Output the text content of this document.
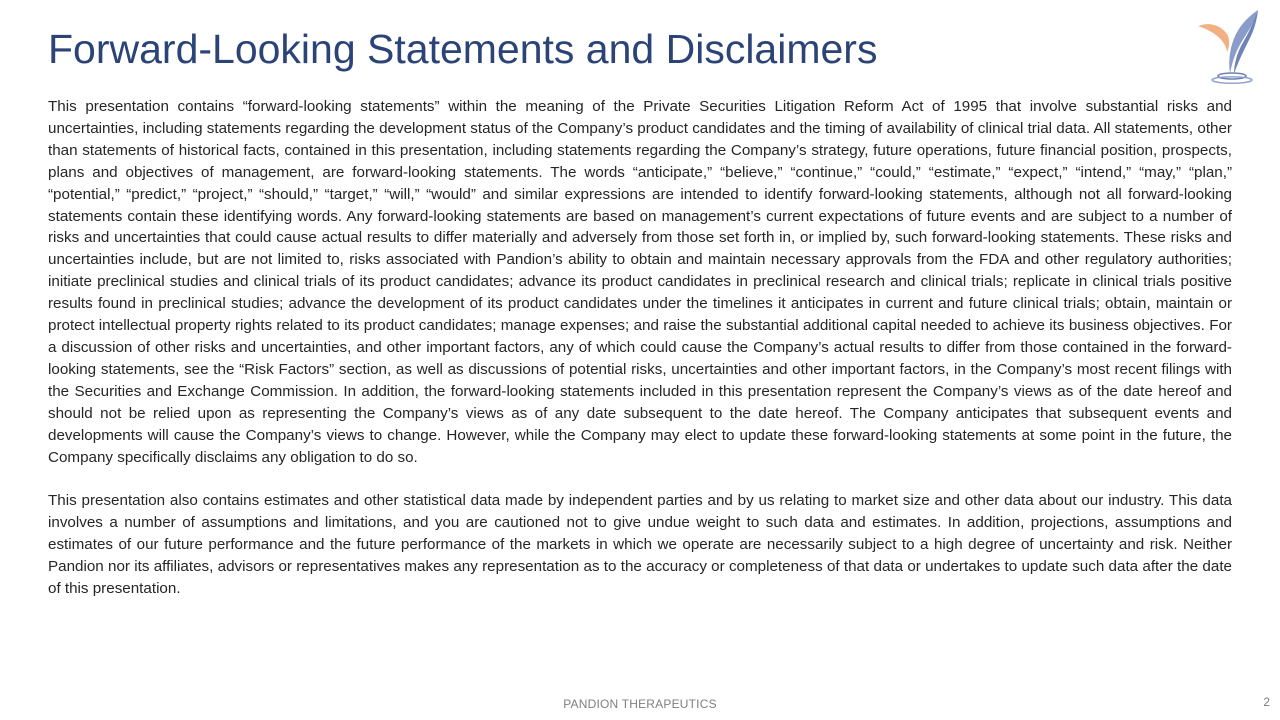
Forward-Looking Statements and Disclaimers

This presentation contains “forward-looking statements” within the meaning of the Private Securities Litigation Reform Act of 1995 that involve substantial risks and uncertainties, including statements regarding the development status of the Company’s product candidates and the timing of availability of clinical trial data. All statements, other than statements of historical facts, contained in this presentation, including statements regarding the Company’s strategy, future operations, future financial position, prospects, plans and objectives of management, are forward-looking statements. The words “anticipate,” “believe,” “continue,” “could,” “estimate,” “expect,” “intend,” “may,” “plan,” “potential,” “predict,” “project,” “should,” “target,” “will,” “would” and similar expressions are intended to identify forward-looking statements, although not all forward-looking statements contain these identifying words. Any forward-looking statements are based on management’s current expectations of future events and are subject to a number of risks and uncertainties that could cause actual results to differ materially and adversely from those set forth in, or implied by, such forward-looking statements. These risks and uncertainties include, but are not limited to, risks associated with Pandion’s ability to obtain and maintain necessary approvals from the FDA and other regulatory authorities; initiate preclinical studies and clinical trials of its product candidates; advance its product candidates in preclinical research and clinical trials; replicate in clinical trials positive results found in preclinical studies; advance the development of its product candidates under the timelines it anticipates in current and future clinical trials; obtain, maintain or protect intellectual property rights related to its product candidates; manage expenses; and raise the substantial additional capital needed to achieve its business objectives. For a discussion of other risks and uncertainties, and other important factors, any of which could cause the Company’s actual results to differ from those contained in the forward-looking statements, see the “Risk Factors” section, as well as discussions of potential risks, uncertainties and other important factors, in the Company’s most recent filings with the Securities and Exchange Commission. In addition, the forward-looking statements included in this presentation represent the Company’s views as of the date hereof and should not be relied upon as representing the Company’s views as of any date subsequent to the date hereof. The Company anticipates that subsequent events and developments will cause the Company’s views to change. However, while the Company may elect to update these forward-looking statements at some point in the future, the Company specifically disclaims any obligation to do so.

This presentation also contains estimates and other statistical data made by independent parties and by us relating to market size and other data about our industry. This data involves a number of assumptions and limitations, and you are cautioned not to give undue weight to such data and estimates. In addition, projections, assumptions and estimates of our future performance and the future performance of the markets in which we operate are necessarily subject to a high degree of uncertainty and risk. Neither Pandion nor its affiliates, advisors or representatives makes any representation as to the accuracy or completeness of that data or undertakes to update such data after the date of this presentation.

PANDION THERAPEUTICS	2
